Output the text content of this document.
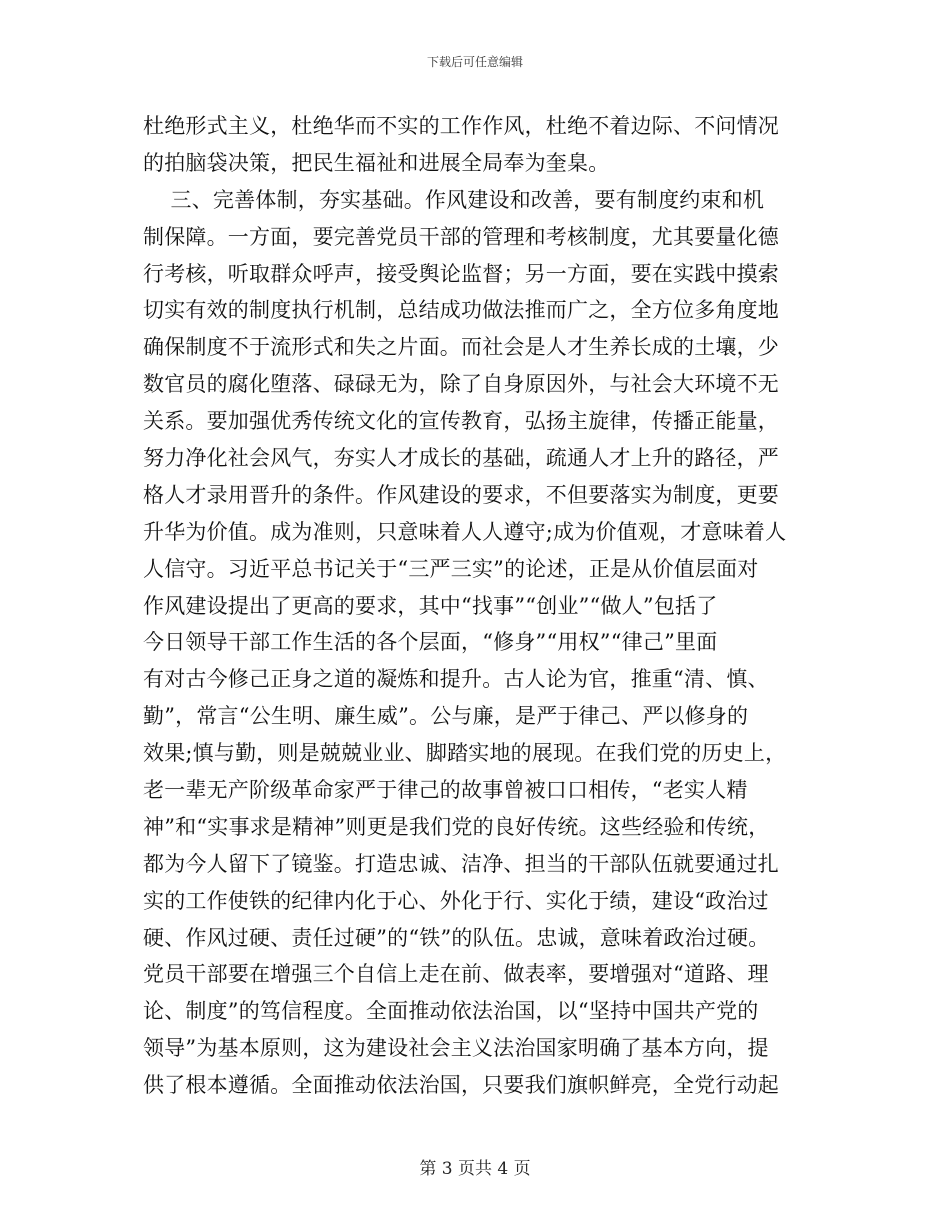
下载后可任意编辑
杜绝形式主义，杜绝华而不实的工作作风，杜绝不着边际、不问情况
的拍脑袋决策，把民生福祉和进展全局奉为奎臬。
三、完善体制，夯实基础。作风建设和改善，要有制度约束和机
制保障。一方面，要完善党员干部的管理和考核制度，尤其要量化德
行考核，听取群众呼声，接受舆论监督；另一方面，要在实践中摸索
切实有效的制度执行机制，总结成功做法推而广之，全方位多角度地
确保制度不于流形式和失之片面。而社会是人才生养长成的土壤，少
数官员的腐化堕落、碌碌无为，除了自身原因外，与社会大环境不无
关系。要加强优秀传统文化的宣传教育，弘扬主旋律，传播正能量，
努力净化社会风气，夯实人才成长的基础，疏通人才上升的路径，严
格人才录用晋升的条件。作风建设的要求，不但要落实为制度，更要
升华为价值。成为准则，只意味着人人遵守;成为价值观，才意味着人
人信守。习近平总书记关于“三严三实”的论述，正是从价值层面对
作风建设提出了更高的要求，其中“找事”“创业”“做人”包括了
今日领导干部工作生活的各个层面，“修身”“用权”“律己”里面
有对古今修己正身之道的凝炼和提升。古人论为官，推重“清、慎、
勤”，常言“公生明、廉生威”。公与廉，是严于律己、严以修身的
效果;慎与勤，则是兢兢业业、脚踏实地的展现。在我们党的历史上，
老一辈无产阶级革命家严于律己的故事曾被口口相传，“老实人精
神”和“实事求是精神”则更是我们党的良好传统。这些经验和传统，
都为今人留下了镜鉴。打造忠诚、洁净、担当的干部队伍就要通过扎
实的工作使铁的纪律内化于心、外化于行、实化于绩，建设“政治过
硬、作风过硬、责任过硬”的“铁”的队伍。忠诚，意味着政治过硬。
党员干部要在增强三个自信上走在前、做表率，要增强对“道路、理
论、制度”的笃信程度。全面推动依法治国，以“坚持中国共产党的
领导”为基本原则，这为建设社会主义法治国家明确了基本方向，提
供了根本遵循。全面推动依法治国，只要我们旗帜鲜亮，全党行动起
第 3 页共 4 页
